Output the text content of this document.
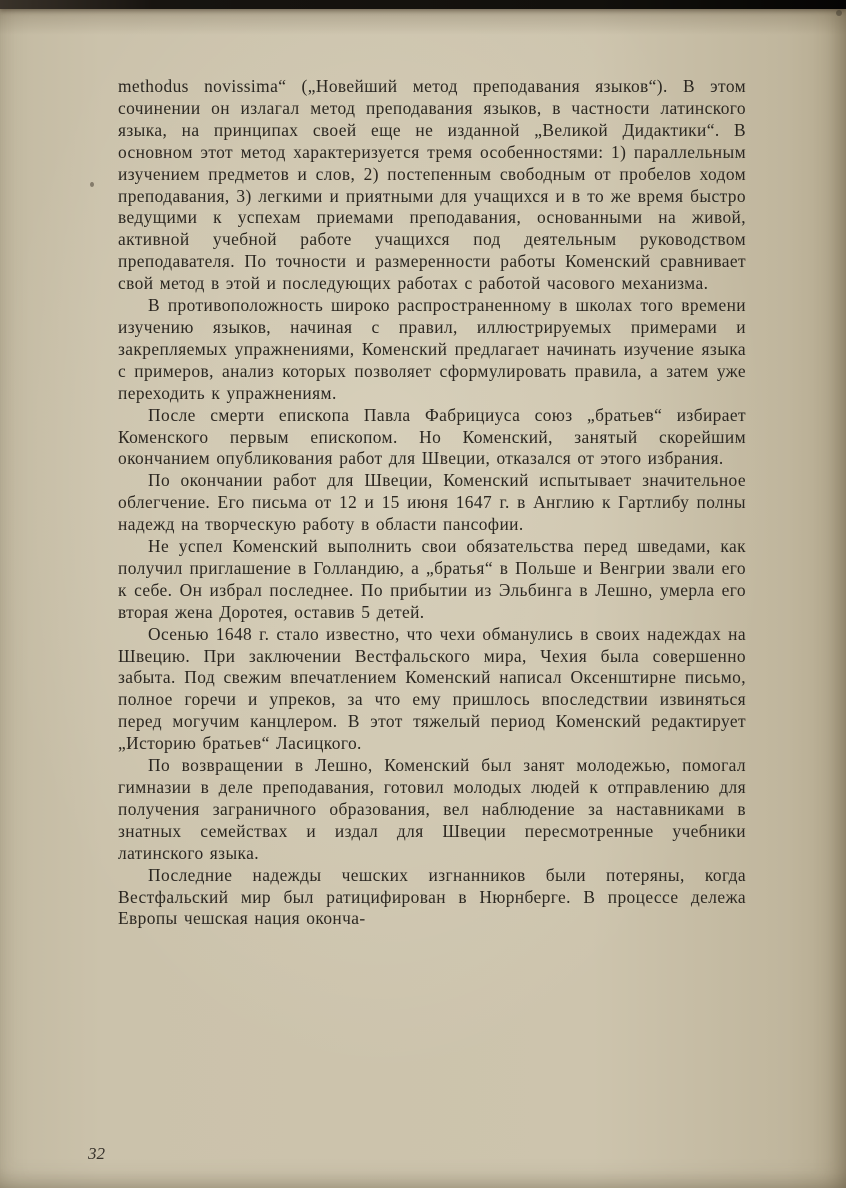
methodus novissima“ („Новейший метод преподавания языков“). В этом сочинении он излагал метод преподавания языков, в частности латинского языка, на принципах своей еще не изданной „Великой Дидактики“. В основном этот метод характеризуется тремя особенностями: 1) параллельным изучением предметов и слов, 2) постепенным свободным от пробелов ходом преподавания, 3) легкими и приятными для учащихся и в то же время быстро ведущими к успехам приемами преподавания, основанными на живой, активной учебной работе учащихся под деятельным руководством преподавателя. По точности и размеренности работы Коменский сравнивает свой метод в этой и последующих работах с работой часового механизма.

В противоположность широко распространенному в школах того времени изучению языков, начиная с правил, иллюстрируемых примерами и закрепляемых упражнениями, Коменский предлагает начинать изучение языка с примеров, анализ которых позволяет сформулировать правила, а затем уже переходить к упражнениям.

После смерти епископа Павла Фабрициуса союз „братьев“ избирает Коменского первым епископом. Но Коменский, занятый скорейшим окончанием опубликования работ для Швеции, отказался от этого избрания.

По окончании работ для Швеции, Коменский испытывает значительное облегчение. Его письма от 12 и 15 июня 1647 г. в Англию к Гартлибу полны надежд на творческую работу в области пансофии.

Не успел Коменский выполнить свои обязательства перед шведами, как получил приглашение в Голландию, а „братья“ в Польше и Венгрии звали его к себе. Он избрал последнее. По прибытии из Эльбинга в Лешно, умерла его вторая жена Доротея, оставив 5 детей.

Осенью 1648 г. стало известно, что чехи обманулись в своих надеждах на Швецию. При заключении Вестфальского мира, Чехия была совершенно забыта. Под свежим впечатлением Коменский написал Оксенштирне письмо, полное горечи и упреков, за что ему пришлось впоследствии извиняться перед могучим канцлером. В этот тяжелый период Коменский редактирует „Историю братьев“ Ласицкого.

По возвращении в Лешно, Коменский был занят молодежью, помогал гимназии в деле преподавания, готовил молодых людей к отправлению для получения заграничного образования, вел наблюдение за наставниками в знатных семействах и издал для Швеции пересмотренные учебники латинского языка.

Последние надежды чешских изгнанников были потеряны, когда Вестфальский мир был ратицифирован в Нюрнберге. В процессе дележа Европы чешская нация оконча-

32
